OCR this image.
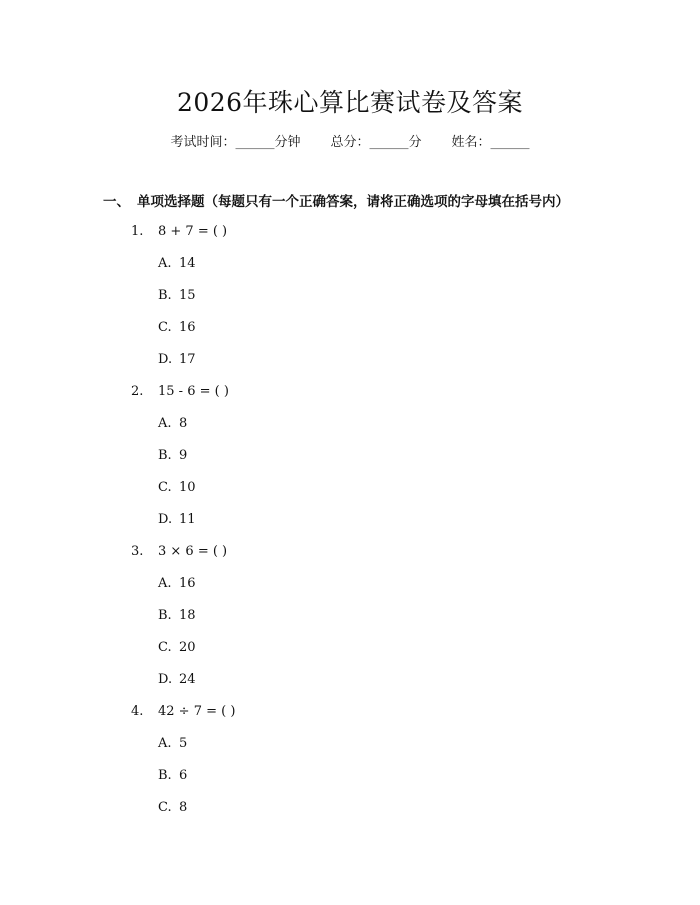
2026年珠心算比赛试卷及答案
考试时间：______分钟 总分：______分 姓名：______
一、 单项选择题（每题只有一个正确答案，请将正确选项的字母填在括号内）
1. 8 + 7 = ( )
A. 14
B. 15
C. 16
D. 17
2. 15 - 6 = ( )
A. 8
B. 9
C. 10
D. 11
3. 3 × 6 = ( )
A. 16
B. 18
C. 20
D. 24
4. 42 ÷ 7 = ( )
A. 5
B. 6
C. 8
